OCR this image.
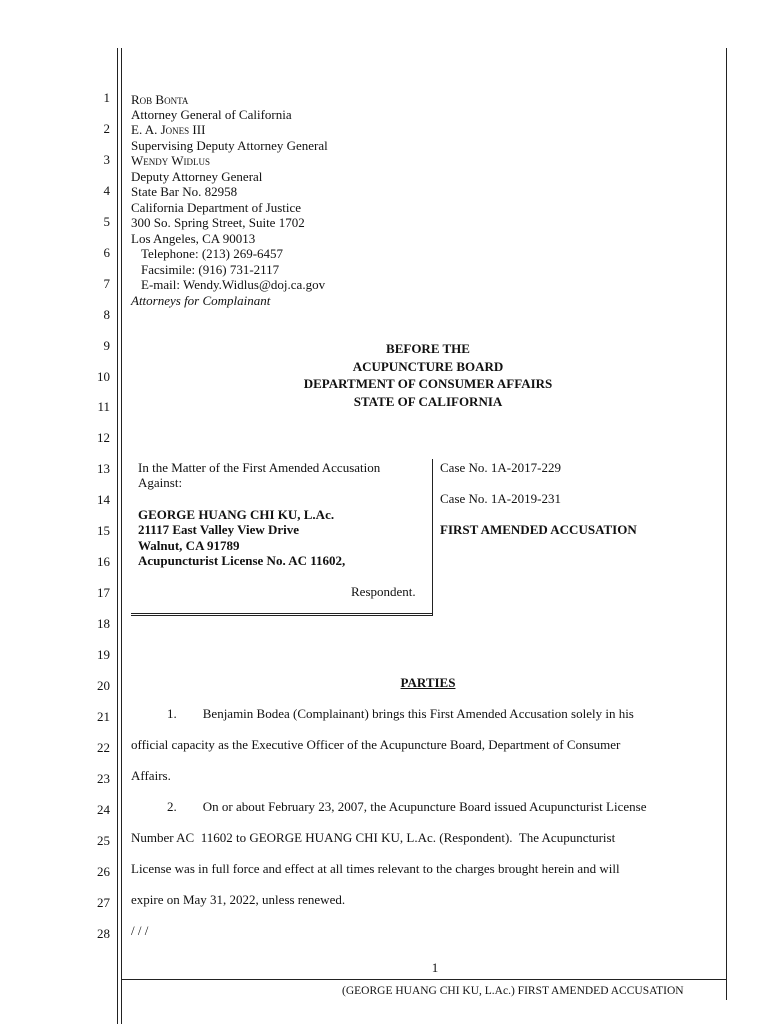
1
2
3
4
5
6
7
8
9
10
11
12
13
14
15
16
17
18
19
20
21
22
23
24
25
26
27
28
Rob Bonta
Attorney General of California
E. A. Jones III
Supervising Deputy Attorney General
Wendy Widlus
Deputy Attorney General
State Bar No. 82958
California Department of Justice
300 So. Spring Street, Suite 1702
Los Angeles, CA 90013
Telephone: (213) 269-6457
Facsimile: (916) 731-2117
E-mail: Wendy.Widlus@doj.ca.gov
Attorneys for Complainant
BEFORE THE
ACUPUNCTURE BOARD
DEPARTMENT OF CONSUMER AFFAIRS
STATE OF CALIFORNIA
In the Matter of the First Amended Accusation
Against:
GEORGE HUANG CHI KU, L.Ac.
21117 East Valley View Drive
Walnut, CA 91789
Acupuncturist License No. AC 11602,
Respondent.
Case No. 1A-2017-229
Case No. 1A-2019-231
FIRST AMENDED ACCUSATION
PARTIES
1.        Benjamin Bodea (Complainant) brings this First Amended Accusation solely in his
official capacity as the Executive Officer of the Acupuncture Board, Department of Consumer
Affairs.
2.        On or about February 23, 2007, the Acupuncture Board issued Acupuncturist License
Number AC  11602 to GEORGE HUANG CHI KU, L.Ac. (Respondent).  The Acupuncturist
License was in full force and effect at all times relevant to the charges brought herein and will
expire on May 31, 2022, unless renewed.
/ / /
1
(GEORGE HUANG CHI KU, L.Ac.) FIRST AMENDED ACCUSATION
